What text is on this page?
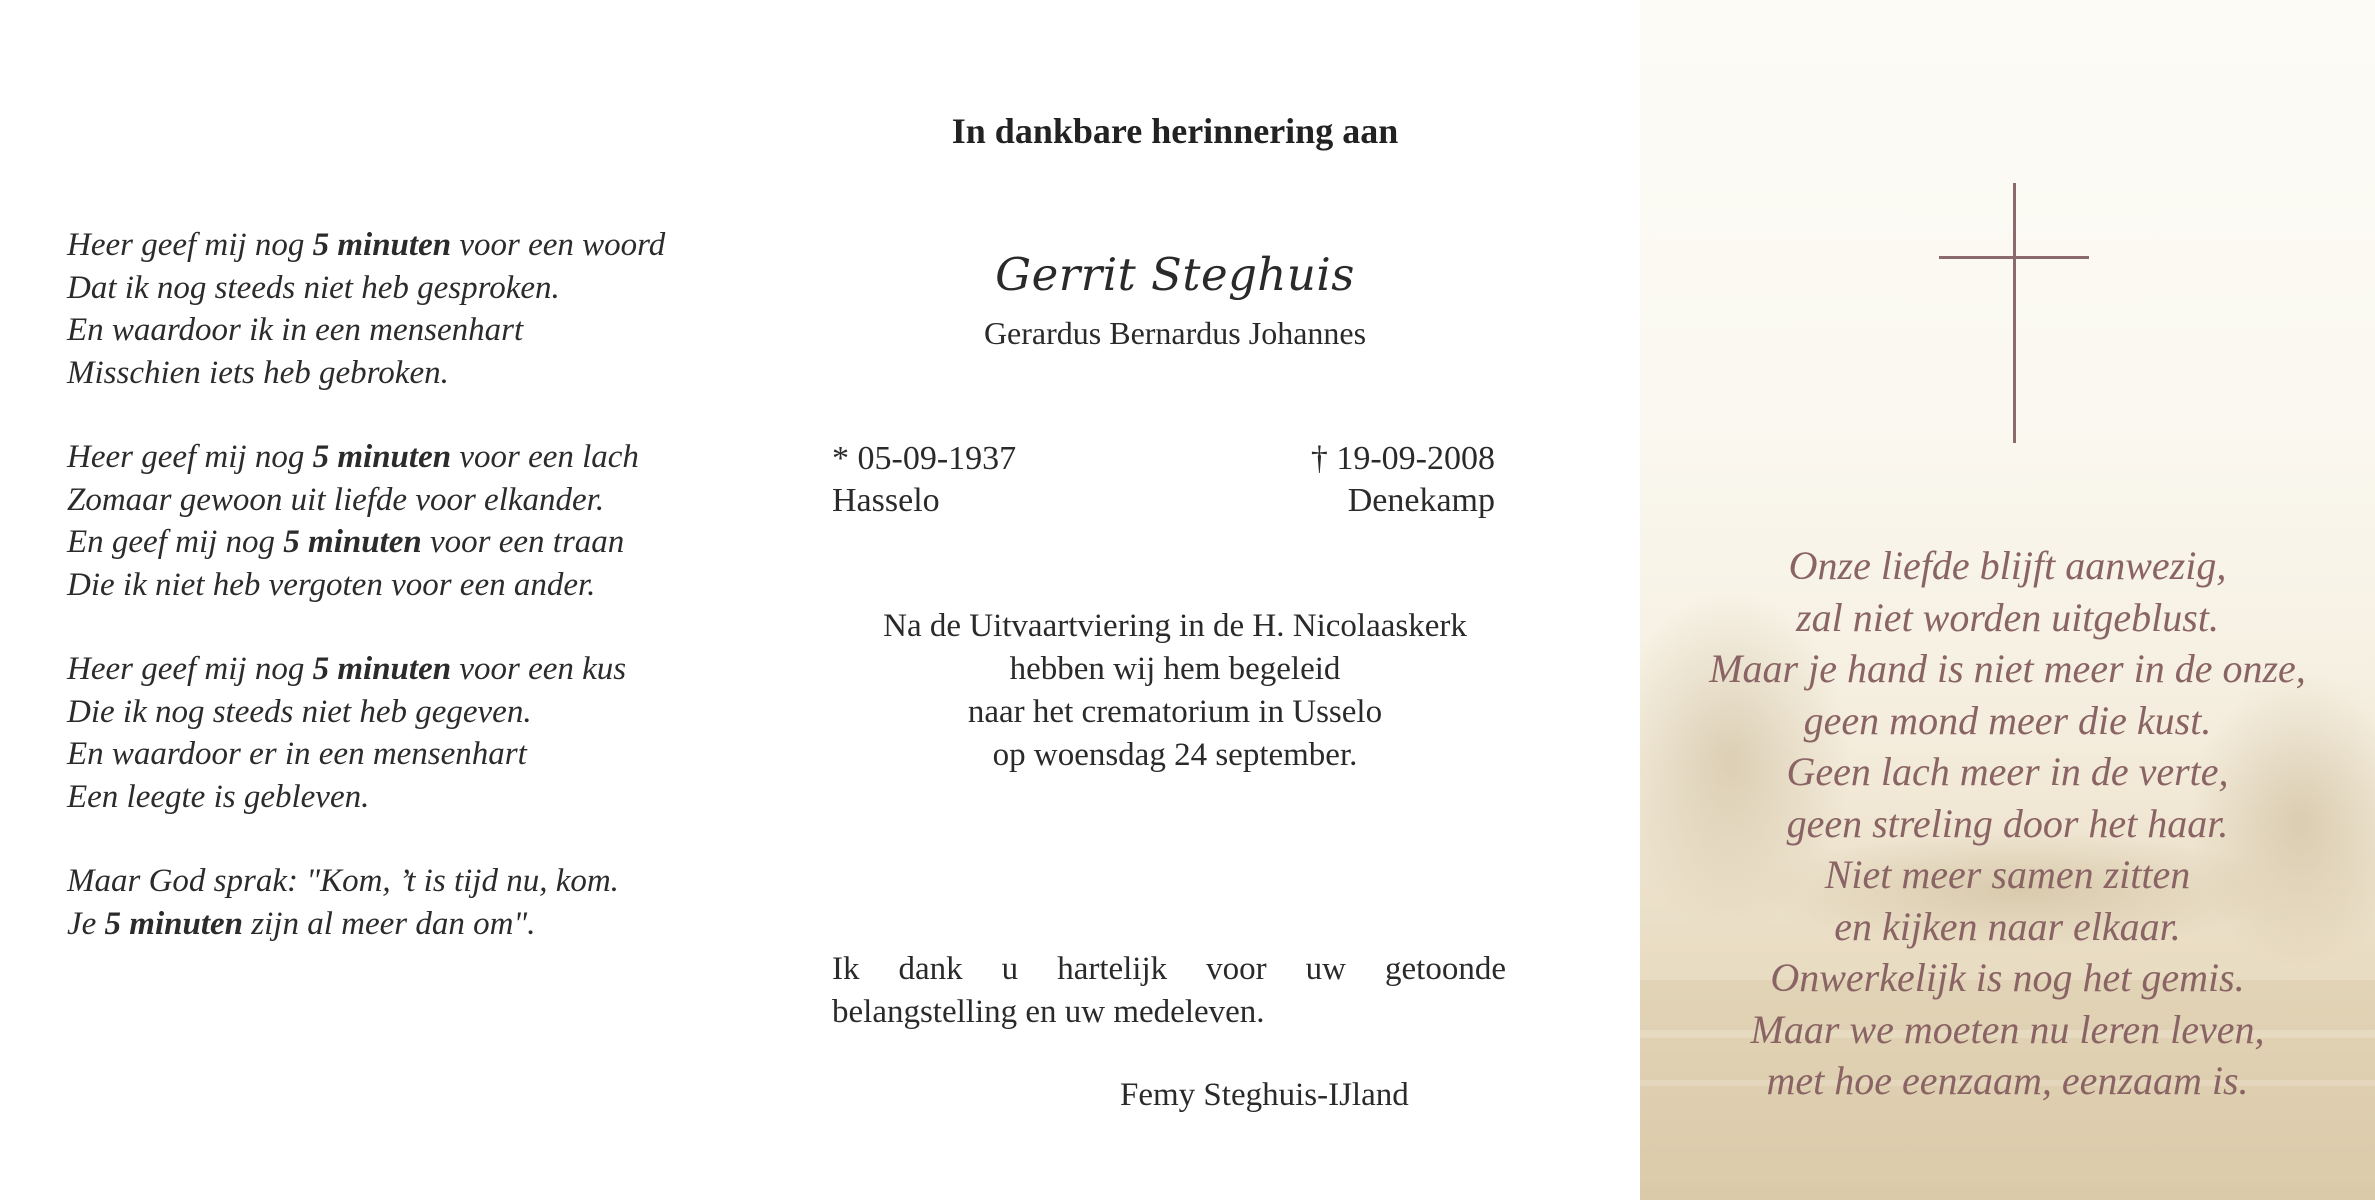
Heer geef mij nog 5 minuten voor een woord
Dat ik nog steeds niet heb gesproken.
En waardoor ik in een mensenhart
Misschien iets heb gebroken.
Heer geef mij nog 5 minuten voor een lach
Zomaar gewoon uit liefde voor elkander.
En geef mij nog 5 minuten voor een traan
Die ik niet heb vergoten voor een ander.
Heer geef mij nog 5 minuten voor een kus
Die ik nog steeds niet heb gegeven.
En waardoor er in een mensenhart
Een leegte is gebleven.
Maar God sprak: "Kom, ’t is tijd nu, kom.
Je 5 minuten zijn al meer dan om".
In dankbare herinnering aan
Gerrit Steghuis
Gerardus Bernardus Johannes
* 05-09-1937
Hasselo
† 19-09-2008
Denekamp
Na de Uitvaartviering in de H. Nicolaaskerk
hebben wij hem begeleid
naar het crematorium in Usselo
op woensdag 24 september.
Ik dank u hartelijk voor uw getoonde belangstelling en uw medeleven.
Femy Steghuis-IJland
Onze liefde blijft aanwezig,
zal niet worden uitgeblust.
Maar je hand is niet meer in de onze,
geen mond meer die kust.
Geen lach meer in de verte,
geen streling door het haar.
Niet meer samen zitten
en kijken naar elkaar.
Onwerkelijk is nog het gemis.
Maar we moeten nu leren leven,
met hoe eenzaam, eenzaam is.
